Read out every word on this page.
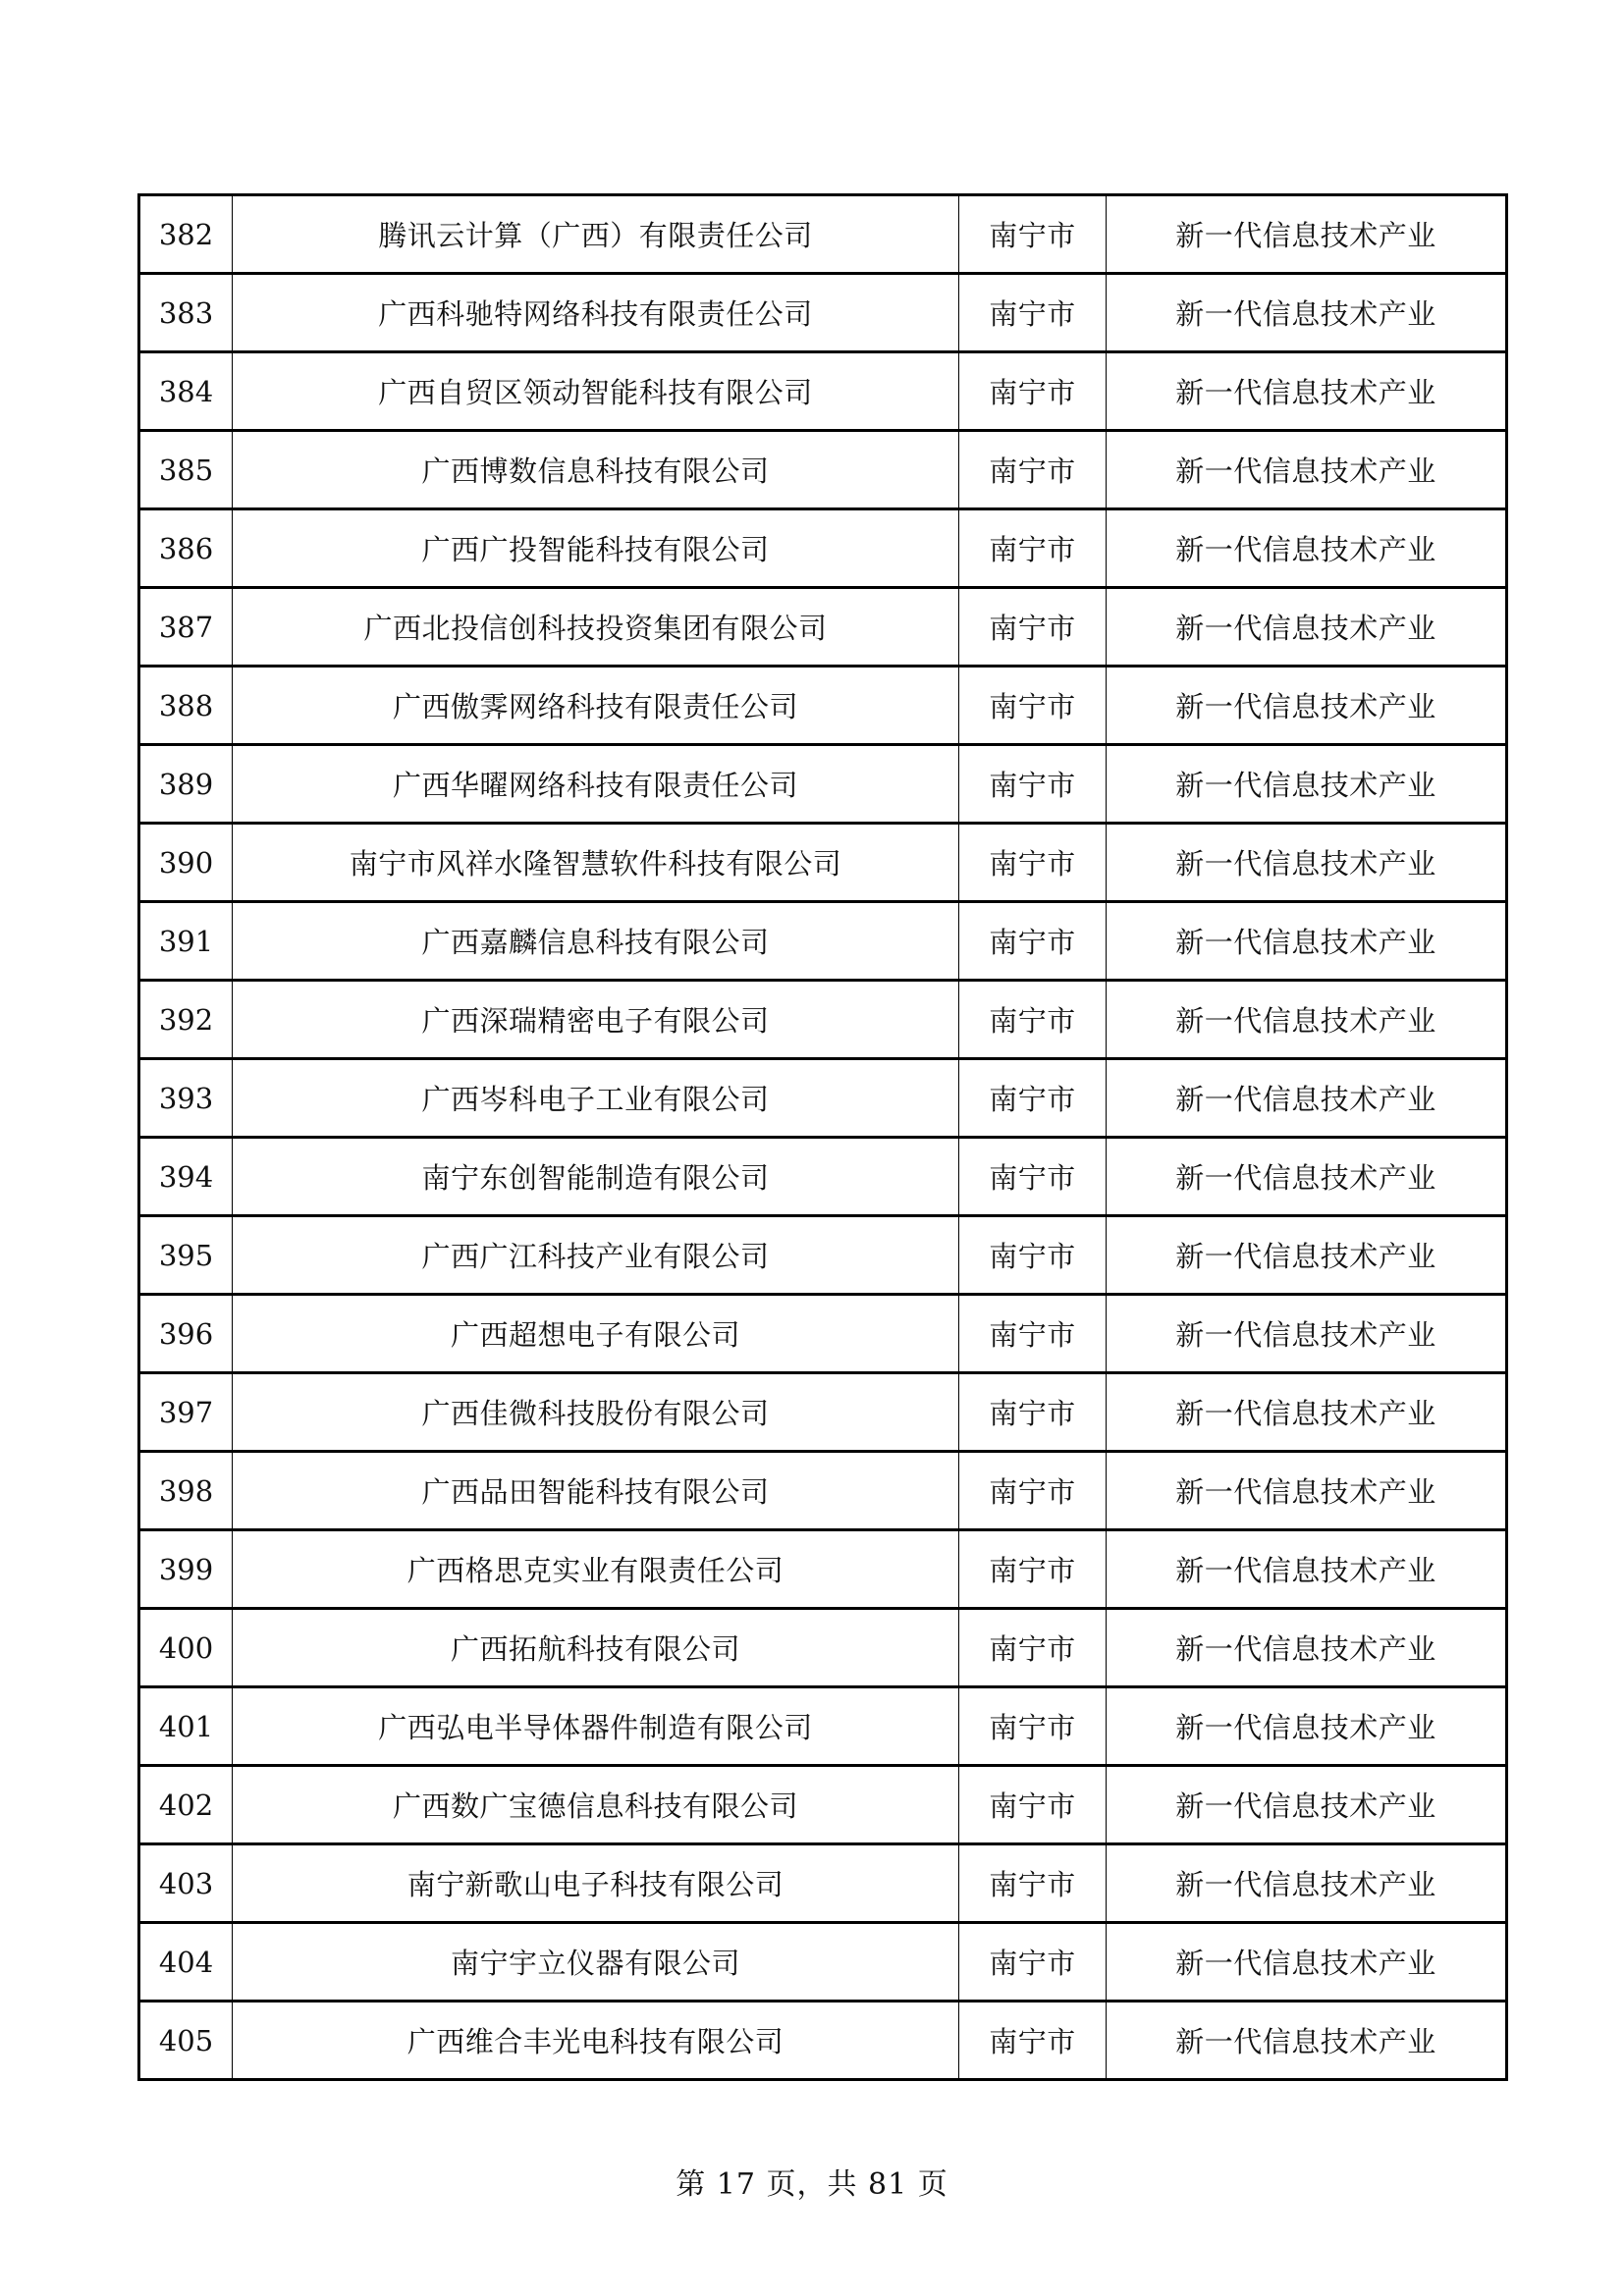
382	腾讯云计算（广西）有限责任公司	南宁市	新一代信息技术产业
383	广西科驰特网络科技有限责任公司	南宁市	新一代信息技术产业
384	广西自贸区领动智能科技有限公司	南宁市	新一代信息技术产业
385	广西博数信息科技有限公司	南宁市	新一代信息技术产业
386	广西广投智能科技有限公司	南宁市	新一代信息技术产业
387	广西北投信创科技投资集团有限公司	南宁市	新一代信息技术产业
388	广西傲霁网络科技有限责任公司	南宁市	新一代信息技术产业
389	广西华曜网络科技有限责任公司	南宁市	新一代信息技术产业
390	南宁市风祥水隆智慧软件科技有限公司	南宁市	新一代信息技术产业
391	广西嘉麟信息科技有限公司	南宁市	新一代信息技术产业
392	广西深瑞精密电子有限公司	南宁市	新一代信息技术产业
393	广西岑科电子工业有限公司	南宁市	新一代信息技术产业
394	南宁东创智能制造有限公司	南宁市	新一代信息技术产业
395	广西广江科技产业有限公司	南宁市	新一代信息技术产业
396	广西超想电子有限公司	南宁市	新一代信息技术产业
397	广西佳微科技股份有限公司	南宁市	新一代信息技术产业
398	广西品田智能科技有限公司	南宁市	新一代信息技术产业
399	广西格思克实业有限责任公司	南宁市	新一代信息技术产业
400	广西拓航科技有限公司	南宁市	新一代信息技术产业
401	广西弘电半导体器件制造有限公司	南宁市	新一代信息技术产业
402	广西数广宝德信息科技有限公司	南宁市	新一代信息技术产业
403	南宁新歌山电子科技有限公司	南宁市	新一代信息技术产业
404	南宁宇立仪器有限公司	南宁市	新一代信息技术产业
405	广西维合丰光电科技有限公司	南宁市	新一代信息技术产业
第 17 页，共 81 页
